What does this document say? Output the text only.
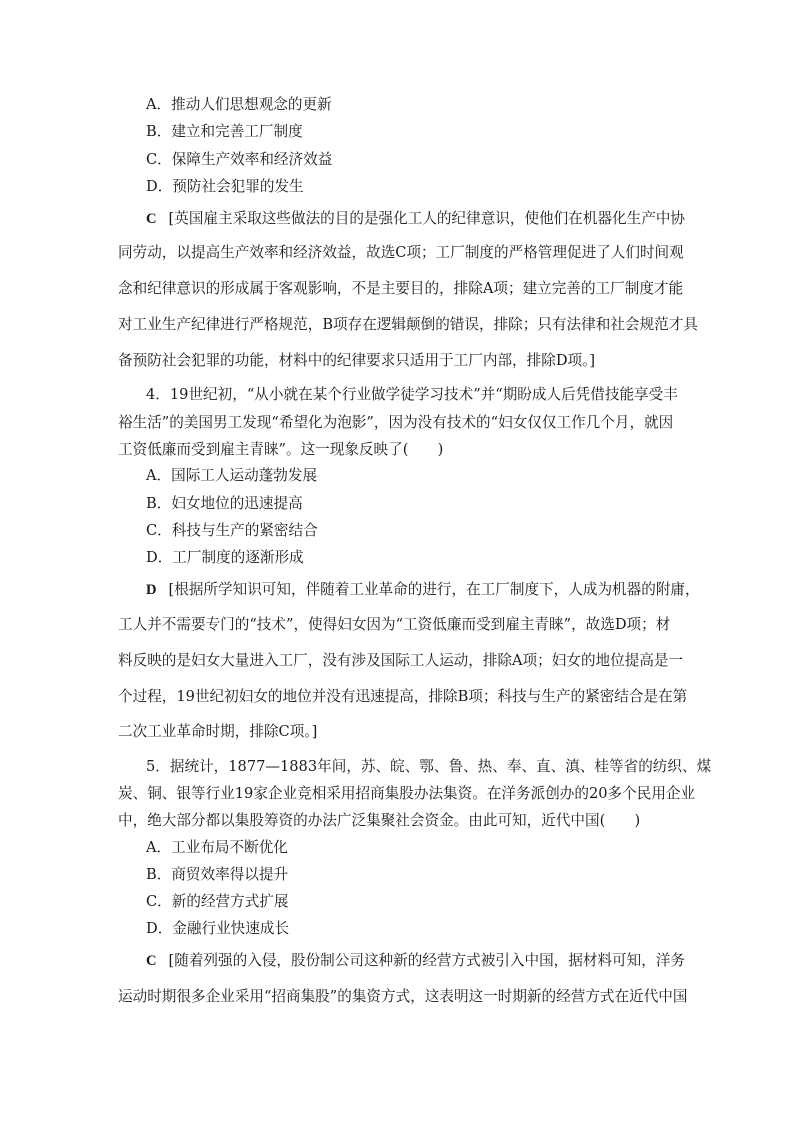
A．推动人们思想观念的更新
B．建立和完善工厂制度
C．保障生产效率和经济效益
D．预防社会犯罪的发生
C [英国雇主采取这些做法的目的是强化工人的纪律意识，使他们在机器化生产中协
同劳动，以提高生产效率和经济效益，故选C项；工厂制度的严格管理促进了人们时间观
念和纪律意识的形成属于客观影响，不是主要目的，排除A项；建立完善的工厂制度才能
对工业生产纪律进行严格规范，B项存在逻辑颠倒的错误，排除；只有法律和社会规范才具
备预防社会犯罪的功能，材料中的纪律要求只适用于工厂内部，排除D项。]
4．19世纪初，“从小就在某个行业做学徒学习技术”并“期盼成人后凭借技能享受丰
裕生活”的美国男工发现“希望化为泡影”，因为没有技术的“妇女仅仅工作几个月，就因
工资低廉而受到雇主青睐”。这一现象反映了(　　)
A．国际工人运动蓬勃发展
B．妇女地位的迅速提高
C．科技与生产的紧密结合
D．工厂制度的逐渐形成
D [根据所学知识可知，伴随着工业革命的进行，在工厂制度下，人成为机器的附庸，
工人并不需要专门的“技术”，使得妇女因为“工资低廉而受到雇主青睐”，故选D项；材
料反映的是妇女大量进入工厂，没有涉及国际工人运动，排除A项；妇女的地位提高是一
个过程，19世纪初妇女的地位并没有迅速提高，排除B项；科技与生产的紧密结合是在第
二次工业革命时期，排除C项。]
5．据统计，1877—1883年间，苏、皖、鄂、鲁、热、奉、直、滇、桂等省的纺织、煤
炭、铜、银等行业19家企业竞相采用招商集股办法集资。在洋务派创办的20多个民用企业
中，绝大部分都以集股筹资的办法广泛集聚社会资金。由此可知，近代中国(　　)
A．工业布局不断优化
B．商贸效率得以提升
C．新的经营方式扩展
D．金融行业快速成长
C [随着列强的入侵，股份制公司这种新的经营方式被引入中国，据材料可知，洋务
运动时期很多企业采用“招商集股”的集资方式，这表明这一时期新的经营方式在近代中国
